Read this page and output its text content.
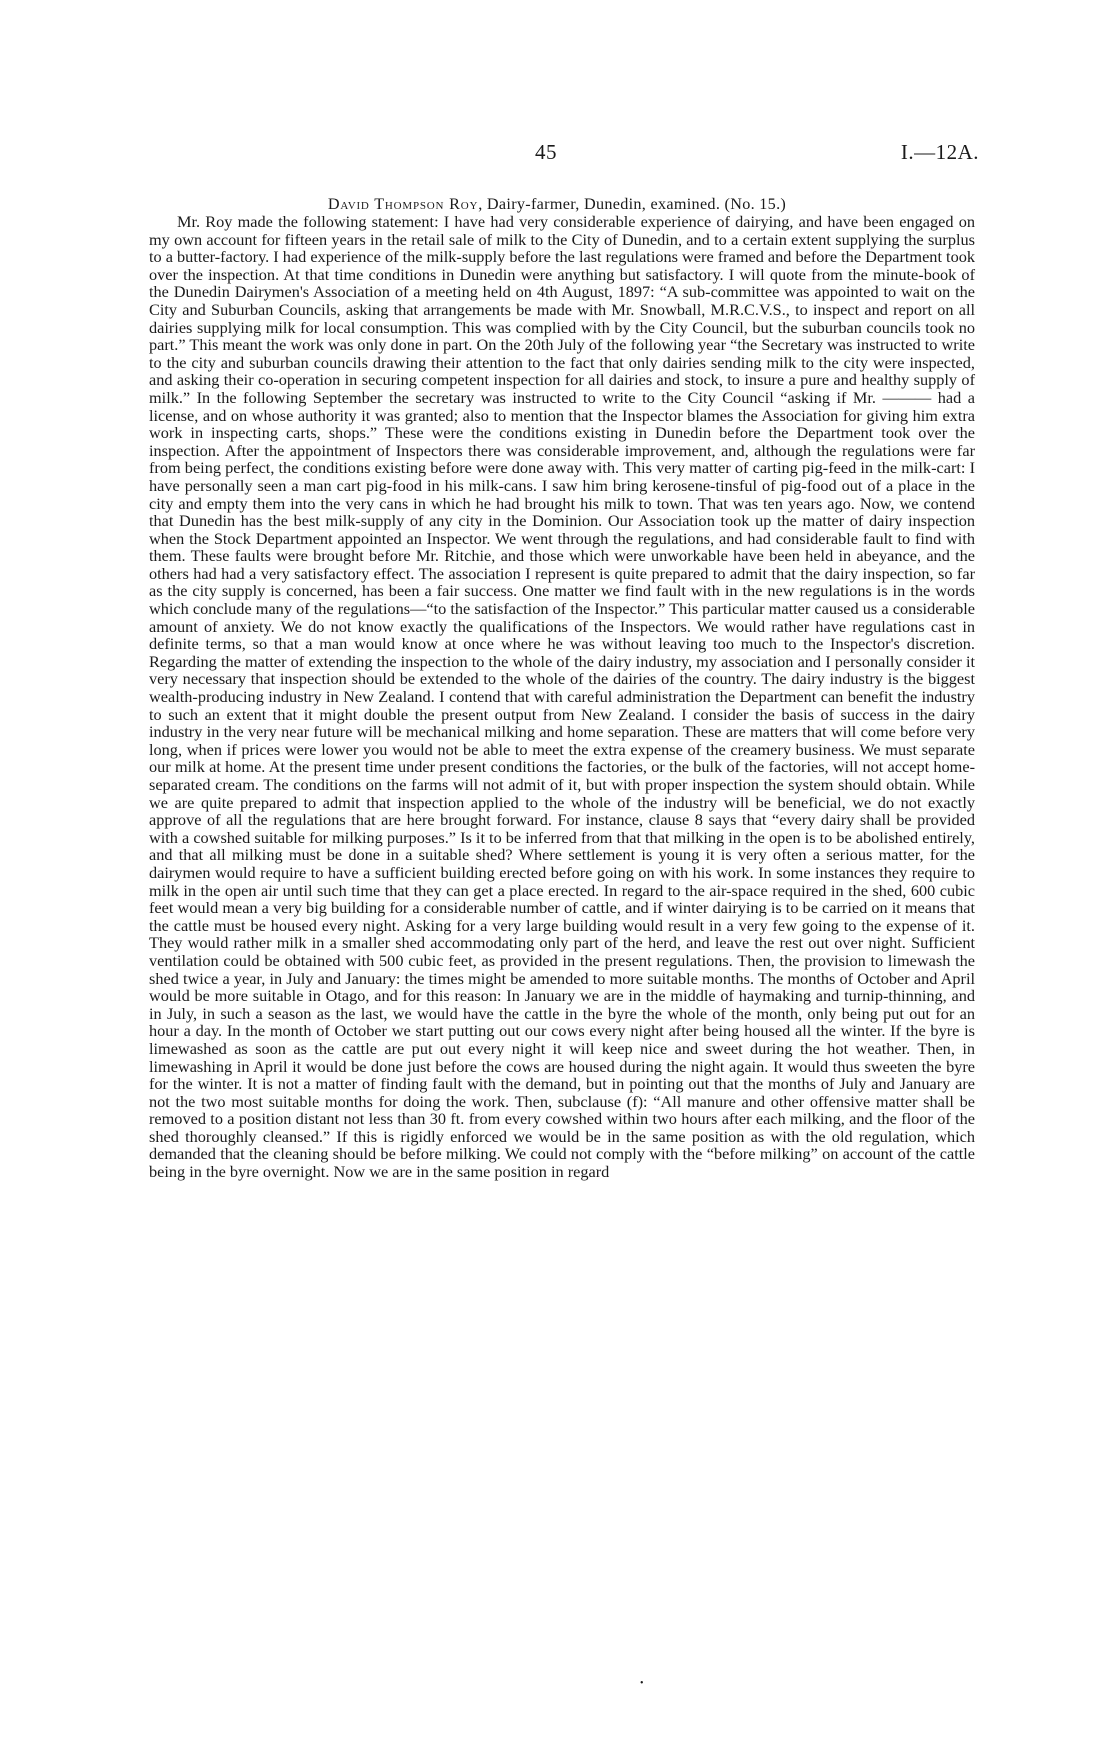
45	I.—12A.
David Thompson Roy, Dairy-farmer, Dunedin, examined. (No. 15.)

Mr. Roy made the following statement: I have had very considerable experience of dairying, and have been engaged on my own account for fifteen years in the retail sale of milk to the City of Dunedin, and to a certain extent supplying the surplus to a butter-factory. I had experience of the milk-supply before the last regulations were framed and before the Department took over the inspection. At that time conditions in Dunedin were anything but satisfactory. I will quote from the minute-book of the Dunedin Dairymen's Association of a meeting held on 4th August, 1897: “A sub-committee was appointed to wait on the City and Suburban Councils, asking that arrangements be made with Mr. Snowball, M.R.C.V.S., to inspect and report on all dairies supplying milk for local consumption. This was complied with by the City Council, but the suburban councils took no part.” This meant the work was only done in part. On the 20th July of the following year “the Secretary was instructed to write to the city and suburban councils drawing their attention to the fact that only dairies sending milk to the city were inspected, and asking their co-operation in securing competent inspection for all dairies and stock, to insure a pure and healthy supply of milk.” In the following September the secretary was instructed to write to the City Council “asking if Mr. ——— had a license, and on whose authority it was granted; also to mention that the Inspector blames the Association for giving him extra work in inspecting carts, shops.” These were the conditions existing in Dunedin before the Department took over the inspection. After the appointment of Inspectors there was considerable improvement, and, although the regulations were far from being perfect, the conditions existing before were done away with. This very matter of carting pig-feed in the milk-cart: I have personally seen a man cart pig-food in his milk-cans. I saw him bring kerosene-tinsful of pig-food out of a place in the city and empty them into the very cans in which he had brought his milk to town. That was ten years ago. Now, we contend that Dunedin has the best milk-supply of any city in the Dominion. Our Association took up the matter of dairy inspection when the Stock Department appointed an Inspector. We went through the regulations, and had considerable fault to find with them. These faults were brought before Mr. Ritchie, and those which were unworkable have been held in abeyance, and the others had had a very satisfactory effect. The association I represent is quite prepared to admit that the dairy inspection, so far as the city supply is concerned, has been a fair success. One matter we find fault with in the new regulations is in the words which conclude many of the regulations—“to the satisfaction of the Inspector.” This particular matter caused us a considerable amount of anxiety. We do not know exactly the qualifications of the Inspectors. We would rather have regulations cast in definite terms, so that a man would know at once where he was without leaving too much to the Inspector's discretion. Regarding the matter of extending the inspection to the whole of the dairy industry, my association and I personally consider it very necessary that inspection should be extended to the whole of the dairies of the country. The dairy industry is the biggest wealth-producing industry in New Zealand. I contend that with careful administration the Department can benefit the industry to such an extent that it might double the present output from New Zealand. I consider the basis of success in the dairy industry in the very near future will be mechanical milking and home separation. These are matters that will come before very long, when if prices were lower you would not be able to meet the extra expense of the creamery business. We must separate our milk at home. At the present time under present conditions the factories, or the bulk of the factories, will not accept home-separated cream. The conditions on the farms will not admit of it, but with proper inspection the system should obtain. While we are quite prepared to admit that inspection applied to the whole of the industry will be beneficial, we do not exactly approve of all the regulations that are here brought forward. For instance, clause 8 says that “every dairy shall be provided with a cowshed suitable for milking purposes.” Is it to be inferred from that that milking in the open is to be abolished entirely, and that all milking must be done in a suitable shed? Where settlement is young it is very often a serious matter, for the dairymen would require to have a sufficient building erected before going on with his work. In some instances they require to milk in the open air until such time that they can get a place erected. In regard to the air-space required in the shed, 600 cubic feet would mean a very big building for a considerable number of cattle, and if winter dairying is to be carried on it means that the cattle must be housed every night. Asking for a very large building would result in a very few going to the expense of it. They would rather milk in a smaller shed accommodating only part of the herd, and leave the rest out over night. Sufficient ventilation could be obtained with 500 cubic feet, as provided in the present regulations. Then, the provision to limewash the shed twice a year, in July and January: the times might be amended to more suitable months. The months of October and April would be more suitable in Otago, and for this reason: In January we are in the middle of haymaking and turnip-thinning, and in July, in such a season as the last, we would have the cattle in the byre the whole of the month, only being put out for an hour a day. In the month of October we start putting out our cows every night after being housed all the winter. If the byre is limewashed as soon as the cattle are put out every night it will keep nice and sweet during the hot weather. Then, in limewashing in April it would be done just before the cows are housed during the night again. It would thus sweeten the byre for the winter. It is not a matter of finding fault with the demand, but in pointing out that the months of July and January are not the two most suitable months for doing the work. Then, subclause (f): “All manure and other offensive matter shall be removed to a position distant not less than 30 ft. from every cowshed within two hours after each milking, and the floor of the shed thoroughly cleansed.” If this is rigidly enforced we would be in the same position as with the old regulation, which demanded that the cleaning should be before milking. We could not comply with the “before milking” on account of the cattle being in the byre overnight. Now we are in the same position in regard

•
